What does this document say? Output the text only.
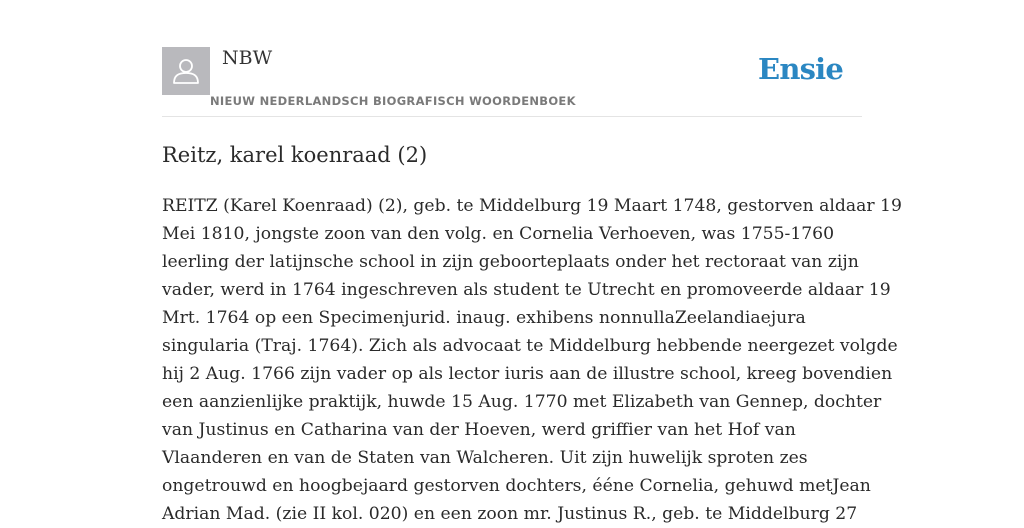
NBW
NIEUW NEDERLANDSCH BIOGRAFISCH WOORDENBOEK
Ensie
Reitz, karel koenraad (2)
REITZ (Karel Koenraad) (2), geb. te Middelburg 19 Maart 1748, gestorven aldaar 19
Mei 1810, jongste zoon van den volg. en Cornelia Verhoeven, was 1755-1760
leerling der latijnsche school in zijn geboorteplaats onder het rectoraat van zijn
vader, werd in 1764 ingeschreven als student te Utrecht en promoveerde aldaar 19
Mrt. 1764 op een Specimenjurid. inaug. exhibens nonnullaZeelandiaejura
singularia (Traj. 1764). Zich als advocaat te Middelburg hebbende neergezet volgde
hij 2 Aug. 1766 zijn vader op als lector iuris aan de illustre school, kreeg bovendien
een aanzienlijke praktijk, huwde 15 Aug. 1770 met Elizabeth van Gennep, dochter
van Justinus en Catharina van der Hoeven, werd griffier van het Hof van
Vlaanderen en van de Staten van Walcheren. Uit zijn huwelijk sproten zes
ongetrouwd en hoogbejaard gestorven dochters, ééne Cornelia, gehuwd metJean
Adrian Mad. (zie II kol. 020) en een zoon mr. Justinus R., geb. te Middelburg 27
